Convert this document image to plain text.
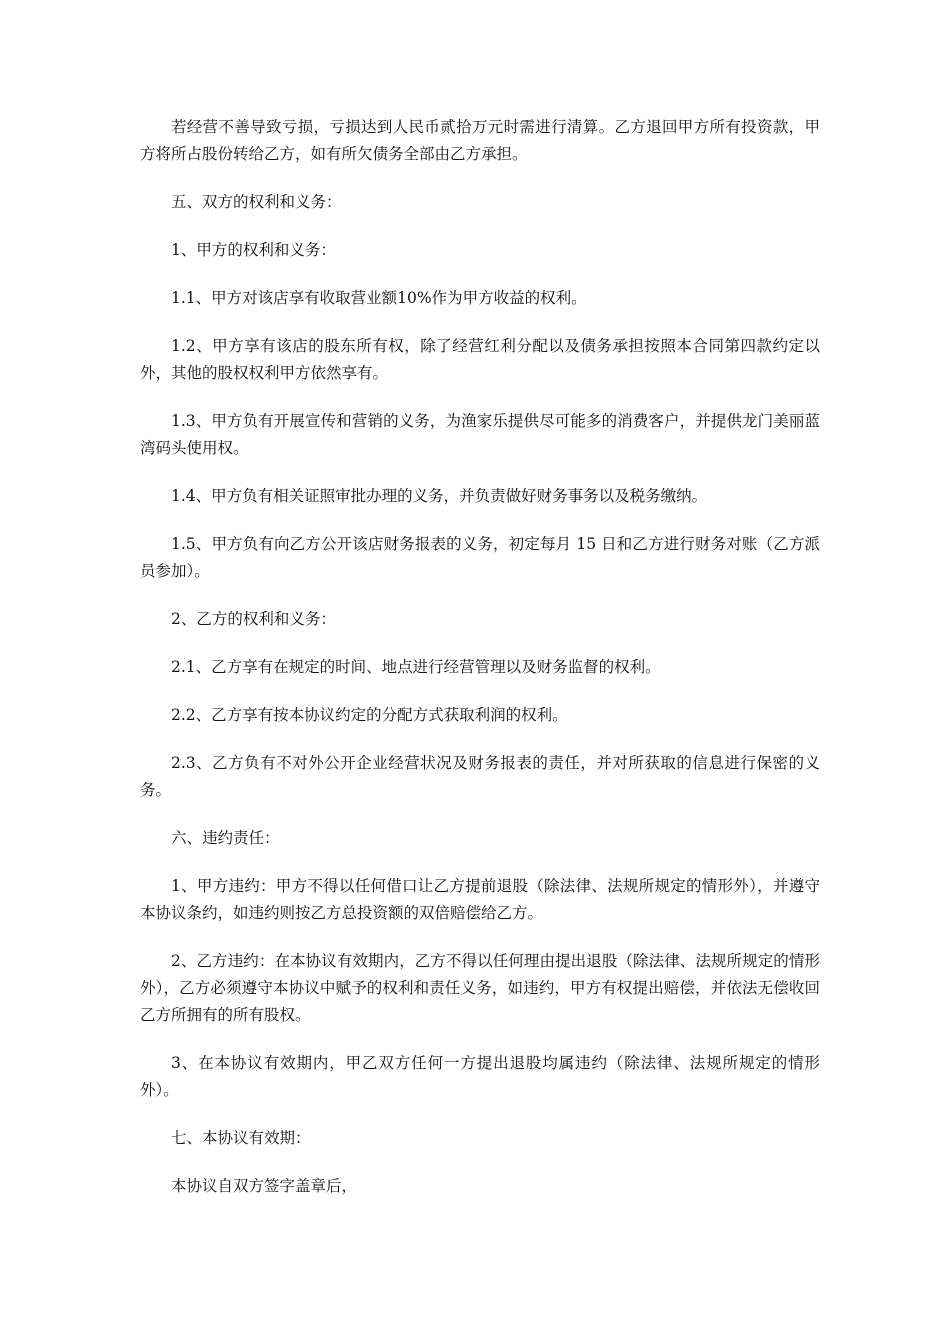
若经营不善导致亏损，亏损达到人民币贰拾万元时需进行清算。乙方退回甲方所有投资款，甲方将所占股份转给乙方，如有所欠债务全部由乙方承担。

五、双方的权利和义务：

1、甲方的权利和义务：

1.1、甲方对该店享有收取营业额10%作为甲方收益的权利。

1.2、甲方享有该店的股东所有权，除了经营红利分配以及债务承担按照本合同第四款约定以外，其他的股权权利甲方依然享有。

1.3、甲方负有开展宣传和营销的义务，为渔家乐提供尽可能多的消费客户，并提供龙门美丽蓝湾码头使用权。

1.4、甲方负有相关证照审批办理的义务，并负责做好财务事务以及税务缴纳。

1.5、甲方负有向乙方公开该店财务报表的义务，初定每月 15 日和乙方进行财务对账（乙方派员参加）。

2、乙方的权利和义务：

2.1、乙方享有在规定的时间、地点进行经营管理以及财务监督的权利。

2.2、乙方享有按本协议约定的分配方式获取利润的权利。

2.3、乙方负有不对外公开企业经营状况及财务报表的责任，并对所获取的信息进行保密的义务。

六、违约责任：

1、甲方违约：甲方不得以任何借口让乙方提前退股（除法律、法规所规定的情形外），并遵守本协议条约，如违约则按乙方总投资额的双倍赔偿给乙方。

2、乙方违约：在本协议有效期内，乙方不得以任何理由提出退股（除法律、法规所规定的情形外），乙方必须遵守本协议中赋予的权利和责任义务，如违约，甲方有权提出赔偿，并依法无偿收回乙方所拥有的所有股权。

3、在本协议有效期内，甲乙双方任何一方提出退股均属违约（除法律、法规所规定的情形外）。

七、本协议有效期：

本协议自双方签字盖章后，
